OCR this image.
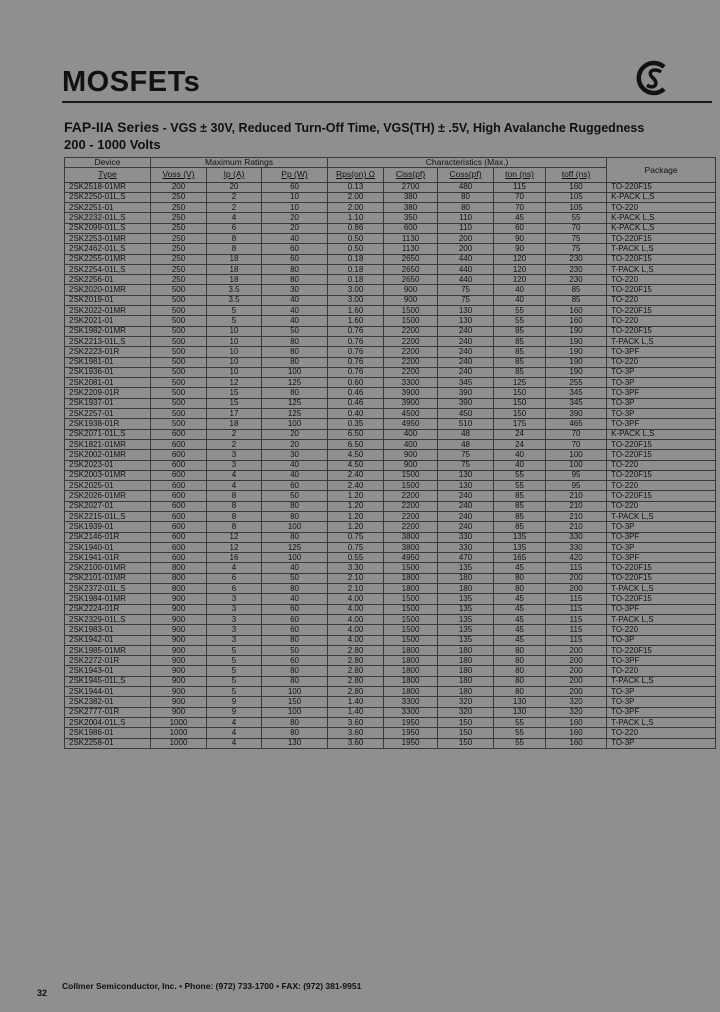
MOSFETs
FAP-IIA Series - VGS ± 30V, Reduced Turn-Off Time, VGS(TH) ± .5V, High Avalanche Ruggedness
200 - 1000 Volts
Device	Maximum Ratings			Characteristics (Max.)					Package
Type	Voss (V)	Ip (A)	Pp (W)	Rps(on) Ω	Ciss(pf)	Coss(pf)	ton (ns)	toff (ns)	
2SK2518-01MR	200	20	60	0.13	2700	480	115	160	TO-220F15
2SK2250-01L,S	250	2	10	2.00	380	80	70	105	K-PACK L,S
2SK2251-01	250	2	10	2.00	380	80	70	105	TO-220
2SK2232-01L,S	250	4	20	1.10	350	110	45	55	K-PACK L,S
2SK2099-01L,S	250	6	20	0.86	600	110	60	70	K-PACK L,S
2SK2253-01MR	250	8	40	0.50	1130	200	90	75	TO-220F15
2SK2462-01L,S	250	8	60	0.50	1130	200	90	75	T-PACK L,S
2SK2255-01MR	250	18	60	0.18	2650	440	120	230	TO-220F15
2SK2254-01L,S	250	18	80	0.18	2650	440	120	230	T-PACK L,S
2SK2256-01	250	18	80	0.18	2650	440	120	230	TO-220
2SK2020-01MR	500	3.5	30	3.00	900	75	40	85	TO-220F15
2SK2019-01	500	3.5	40	3.00	900	75	40	85	TO-220
2SK2022-01MR	500	5	40	1.60	1500	130	55	160	TO-220F15
2SK2021-01	500	5	40	1.60	1500	130	55	160	TO-220
2SK1982-01MR	500	10	50	0.76	2200	240	85	190	TO-220F15
2SK2213-01L,S	500	10	80	0.76	2200	240	85	190	T-PACK L,S
2SK2223-01R	500	10	80	0.76	2200	240	85	190	TO-3PF
2SK1981-01	500	10	80	0.76	2200	240	85	190	TO-220
2SK1936-01	500	10	100	0.76	2200	240	85	190	TO-3P
2SK2081-01	500	12	125	0.60	3300	345	125	255	TO-3P
2SK2209-01R	500	15	80	0.46	3900	390	150	345	TO-3PF
2SK1937-01	500	15	125	0.46	3900	390	150	345	TO-3P
2SK2257-01	500	17	125	0.40	4500	450	150	390	TO-3P
2SK1938-01R	500	18	100	0.35	4950	510	175	465	TO-3PF
2SK2071-01L,S	600	2	20	6.50	400	48	24	70	K-PACK L,S
2SK1821-01MR	600	2	20	6.50	400	48	24	70	TO-220F15
2SK2002-01MR	600	3	30	4.50	900	75	40	100	TO-220F15
2SK2023-01	600	3	40	4.50	900	75	40	100	TO-220
2SK2003-01MR	600	4	40	2.40	1500	130	55	95	TO-220F15
2SK2025-01	600	4	60	2.40	1500	130	55	95	TO-220
2SK2026-01MR	600	8	50	1.20	2200	240	85	210	TO-220F15
2SK2027-01	600	8	80	1.20	2200	240	85	210	TO-220
2SK2215-01L,S	600	8	80	1.20	2200	240	85	210	T-PACK L,S
2SK1939-01	600	8	100	1.20	2200	240	85	210	TO-3P
2SK2146-01R	600	12	80	0.75	3800	330	135	330	TO-3PF
2SK1940-01	600	12	125	0.75	3800	330	135	330	TO-3P
2SK1941-01R	600	16	100	0.55	4950	470	165	420	TO-3PF
2SK2100-01MR	800	4	40	3.30	1500	135	45	115	TO-220F15
2SK2101-01MR	800	6	50	2.10	1800	180	80	200	TO-220F15
2SK2372-01L,S	800	6	80	2.10	1800	180	80	200	T-PACK L,S
2SK1984-01MR	900	3	40	4.00	1500	135	45	115	TO-220F15
2SK2224-01R	900	3	60	4.00	1500	135	45	115	TO-3PF
2SK2329-01L,S	900	3	60	4.00	1500	135	45	115	T-PACK L,S
2SK1983-01	900	3	60	4.00	1500	135	45	115	TO-220
2SK1942-01	900	3	80	4.00	1500	135	45	115	TO-3P
2SK1985-01MR	900	5	50	2.80	1800	180	80	200	TO-220F15
2SK2272-01R	900	5	60	2.80	1800	180	80	200	TO-3PF
2SK1943-01	900	5	80	2.80	1800	180	80	200	TO-220
2SK1945-01L,S	900	5	80	2.80	1800	180	80	200	T-PACK L,S
2SK1944-01	900	5	100	2.80	1800	180	80	200	TO-3P
2SK2382-01	900	9	150	1.40	3300	320	130	320	TO-3P
2SK2777-01R	900	9	100	1.40	3300	320	130	320	TO-3PF
2SK2004-01L,S	1000	4	80	3.60	1950	150	55	160	T-PACK L,S
2SK1986-01	1000	4	80	3.60	1950	150	55	160	TO-220
2SK2258-01	1000	4	130	3.60	1950	150	55	160	TO-3P
32
Collmer Semiconductor, Inc. • Phone: (972) 733-1700 • FAX: (972) 381-9951
